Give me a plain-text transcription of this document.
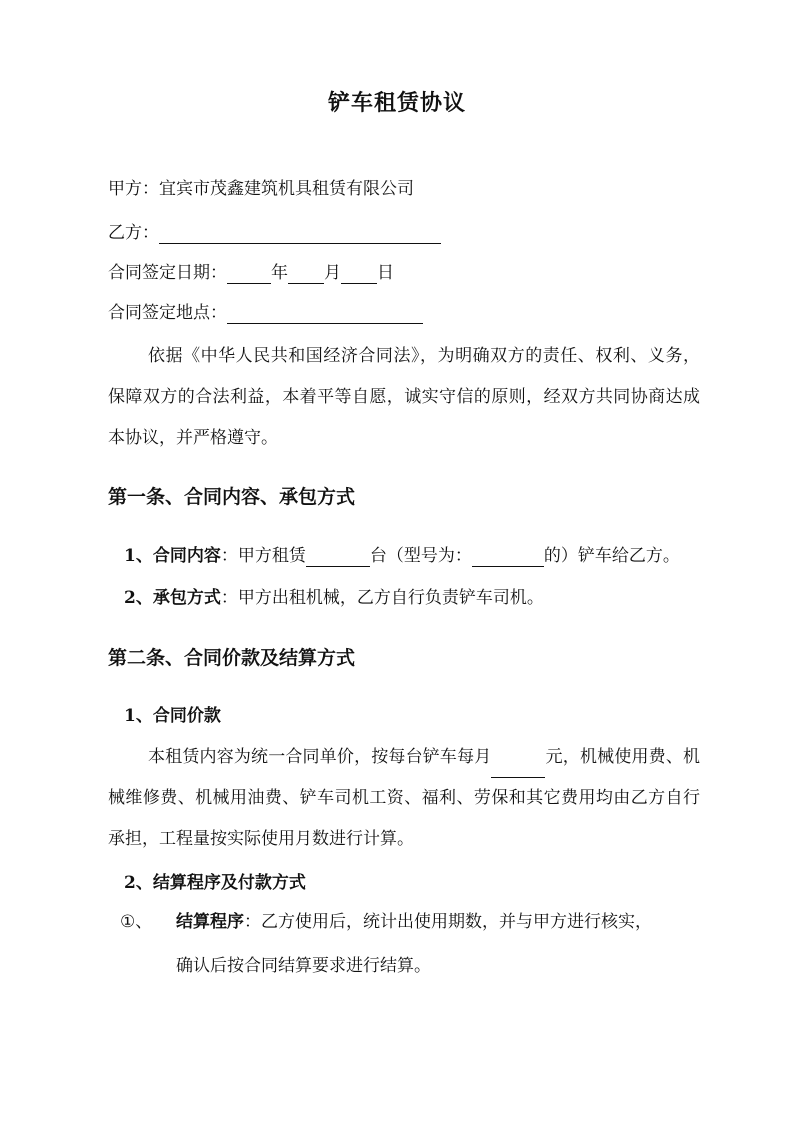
铲车租赁协议
甲方：宜宾市茂鑫建筑机具租赁有限公司
乙方：
合同签定日期：	年 月 日
合同签定地点：
依据《中华人民共和国经济合同法》，为明确双方的责任、权利、义务，保障双方的合法利益，本着平等自愿，诚实守信的原则，经双方共同协商达成本协议，并严格遵守。
第一条、合同内容、承包方式
1、合同内容：甲方租赁	台（型号为：	的）铲车给乙方。
2、承包方式：甲方出租机械，乙方自行负责铲车司机。
第二条、合同价款及结算方式
1、合同价款
本租赁内容为统一合同单价，按每台铲车每月	元，机械使用费、机械维修费、机械用油费、铲车司机工资、福利、劳保和其它费用均由乙方自行承担，工程量按实际使用月数进行计算。
2、结算程序及付款方式
①、 结算程序：乙方使用后，统计出使用期数，并与甲方进行核实，
确认后按合同结算要求进行结算。
